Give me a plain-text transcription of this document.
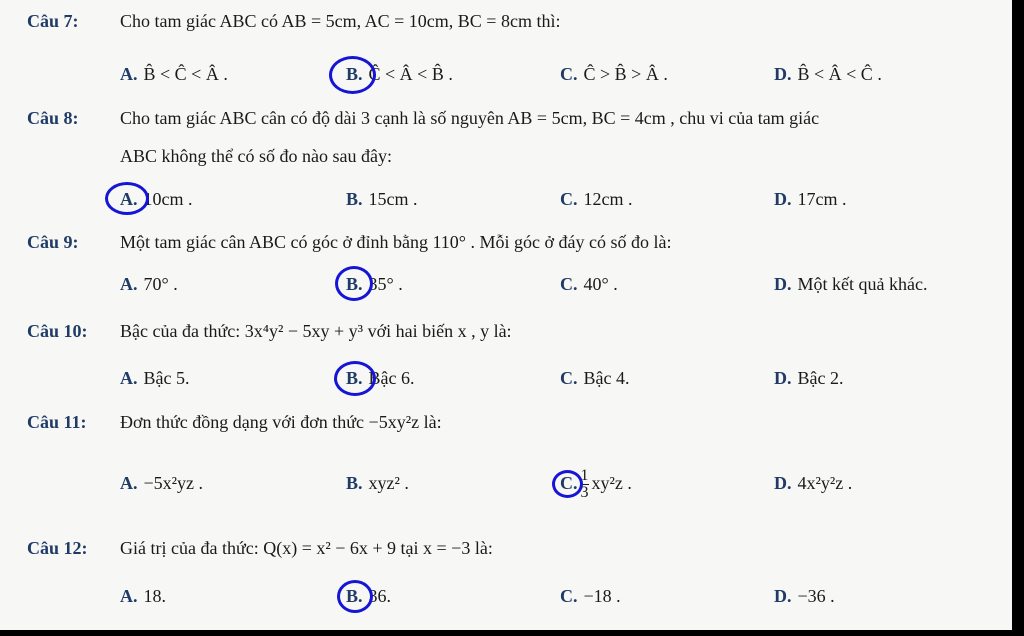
Câu 7: Cho tam giác ABC có AB = 5cm, AC = 10cm, BC = 8cm thì:
A. B̂ < Ĉ < Â .	B. Ĉ < Â < B̂ .	C. Ĉ > B̂ > Â .	D. B̂ < Â < Ĉ .
Câu 8: Cho tam giác ABC cân có độ dài 3 cạnh là số nguyên AB = 5cm, BC = 4cm , chu vi của tam giác
ABC không thể có số đo nào sau đây:
A. 10cm .	B. 15cm .	C. 12cm .	D. 17cm .
Câu 9: Một tam giác cân ABC có góc ở đỉnh bằng 110° . Mỗi góc ở đáy có số đo là:
A. 70° .	B. 35° .	C. 40° .	D. Một kết quả khác.
Câu 10: Bậc của đa thức: 3x⁴y² − 5xy + y³ với hai biến x , y là:
A. Bậc 5.	B. Bậc 6.	C. Bậc 4.	D. Bậc 2.
Câu 11: Đơn thức đồng dạng với đơn thức −5xy²z là:
A. −5x²yz .	B. xyz² .	C. $\frac{1}{3} xy^2z$ .	D. 4x²y²z .
Câu 12: Giá trị của đa thức: Q(x) = x² − 6x + 9 tại x = −3 là:
A. 18.	B. 36.	C. −18 .	D. −36 .
